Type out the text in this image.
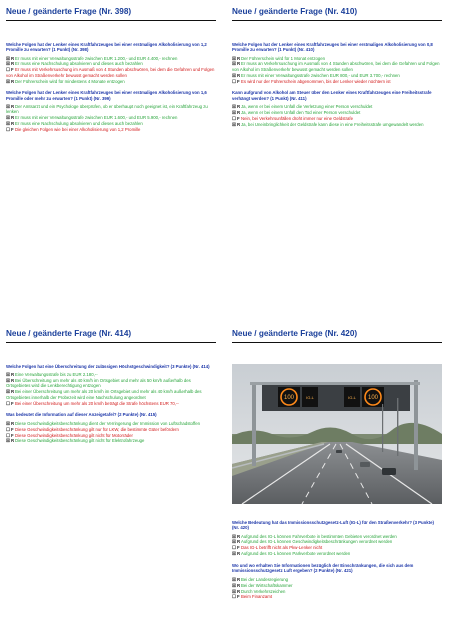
Neue / geänderte Frage (Nr. 398)
Welche Folgen hat der Lenker eines Kraftfahrzeuges bei einer erstmaligen Alkoholisierung von 1,2 Promille zu erwarten? (1 Punkt) (Nr. 398)
☒ REr muss mit einer Verwaltungsstrafe zwischen EUR 1.200,- und EUR 4.400,- rechnen
☒ REr muss eine Nachschulung absolvieren und dieses auch bezahlen
☐ FEr muss mit Verkehrsuschung im Ausmaß von 4 Stunden abschwören, bei dem die Gefahren und Folgen von Alkohol im Straßenverkehr bewusst gemacht werden sollen
☒ RDer Führerschein wird für mindestens 4 Monate entzogen
Welche Folgen hat der Lenker eines Kraftfahrzeuges bei einer erstmaligen Alkoholisierung von 1,6 Promille oder mehr zu erwarten? (1 Punkt) (Nr. 399)
☒ RDer Amtsarzt und ein Psychologe überprüfen, ob er überhaupt noch geeignet ist, ein Kraftfahrzeug zu lenken
☒ REr muss mit einer Verwaltungsstrafe zwischen EUR 1.600,- und EUR 5.900,- rechnen
☒ REr muss eine Nachschulung absolvieren und dieses auch bezahlen
☐ FDie gleichen Folgen wie bei einer Alkoholisierung von 1,2 Promille
Neue / geänderte Frage (Nr. 410)
Welche Folgen hat der Lenker eines Kraftfahrzeuges bei einer erstmaligen Alkoholisierung von 0,8 Promille zu erwarten? (1 Punkt) (Nr. 410)
☒ RDer Führerschein wird für 1 Monat entzogen
☒ REr muss an Verkehrsuschung im Ausmaß von 4 Stunden abschwören, bei dem die Gefahren und Folgen von Alkohol im Straßenverkehr bewusst gemacht werden sollen
☒ REr muss mit einer Verwaltungsstrafe zwischen EUR 800,- und EUR 3.700,- rechnen
☐ FEs wird nur der Führerschein abgenommen, bis der Lenker wieder nüchtern ist
Kann aufgrund von Alkohol am Steuer über den Lenker eines Kraftfahrzeuges eine Freiheitsstrafe verhängt werden? (1 Punkt) (Nr. 411)
☒ RJa, wenn er bei einem Unfall die Verletzung einer Person verschuldet
☒ RJa, wenn er bei einem Unfall den Tod einer Person verschuldet
☐ FNein, bei Verkehrsunfällen droht immer nur eine Geldstrafe
☒ RJa, bei Uneinbringlichkeit der Geldstrafe kann diese in eine Freiheitsstrafe umgewandelt werden
Neue / geänderte Frage (Nr. 414)
Welche Folgen hat eine Überschreitung der zulässigen Höchstgeschwindigkeit? (3 Punkte) (Nr. 414)
☒ REine Verwaltungsstrafe bis zu EUR 2.180,--
☒ RBei Überschreitung um mehr als 40 km/h im Ortsgebiet und mehr als 50 km/h außerhalb des Ortsgebietes wird die Lenkberechtigung entzogen
☒ RBei einer Überschreitung um mehr als 20 km/h im Ortsgebiet und mehr als 40 km/h außerhalb des Ortsgebietes innerhalb der Probezeit wird eine Nachschulung angeordnet
☐ FBei einer Überschreitung um mehr als 20 km/h beträgt die Strafe höchstens EUR 70,--
Was bedeutet die Information auf dieser Anzeigetafel? (2 Punkte) (Nr. 415)
☒ RDiese Geschwindigkeitsbeschränkung dient der Verringerung der Immission von Luftschadstoffen
☐ FDiese Geschwindigkeitsbeschränkung gilt nur für LKW, die bestimmte Güter befördern
☐ FDiese Geschwindigkeitsbeschränkung gilt nicht für Motorräder
☒ RDiese Geschwindigkeitsbeschränkung gilt nicht für Elektrofahrzeuge
Neue / geänderte Frage (Nr. 420)
100	IG-L	IG-L 100
Welche Bedeutung hat das Immissionsschutzgesetz-Luft (IG-L) für den Straßenverkehr? (3 Punkte) (Nr. 420)
☒ RAufgrund des IG-L können Fahrverbote in bestimmten Gebieten verordnet werden
☒ RAufgrund des IG-L können Geschwindigkeitsbeschränkungen verordnet werden
☐ FDas IG-L betrifft nicht als Pkw-Lenker nicht
☒ RAufgrund des IG-L können Parkverbote verordnet werden
Wo und wo erhalten Sie Informationen bezüglich der Einschränkungen, die sich aus dem Immissionsschutzgesetz Luft ergeben? (2 Punkte) (Nr. 421)
☒ RBei der Landesregierung
☒ RBei der Wirtschaftskammer
☒ RDurch Verkehrszeichen
☐ FBeim Finanzamt
